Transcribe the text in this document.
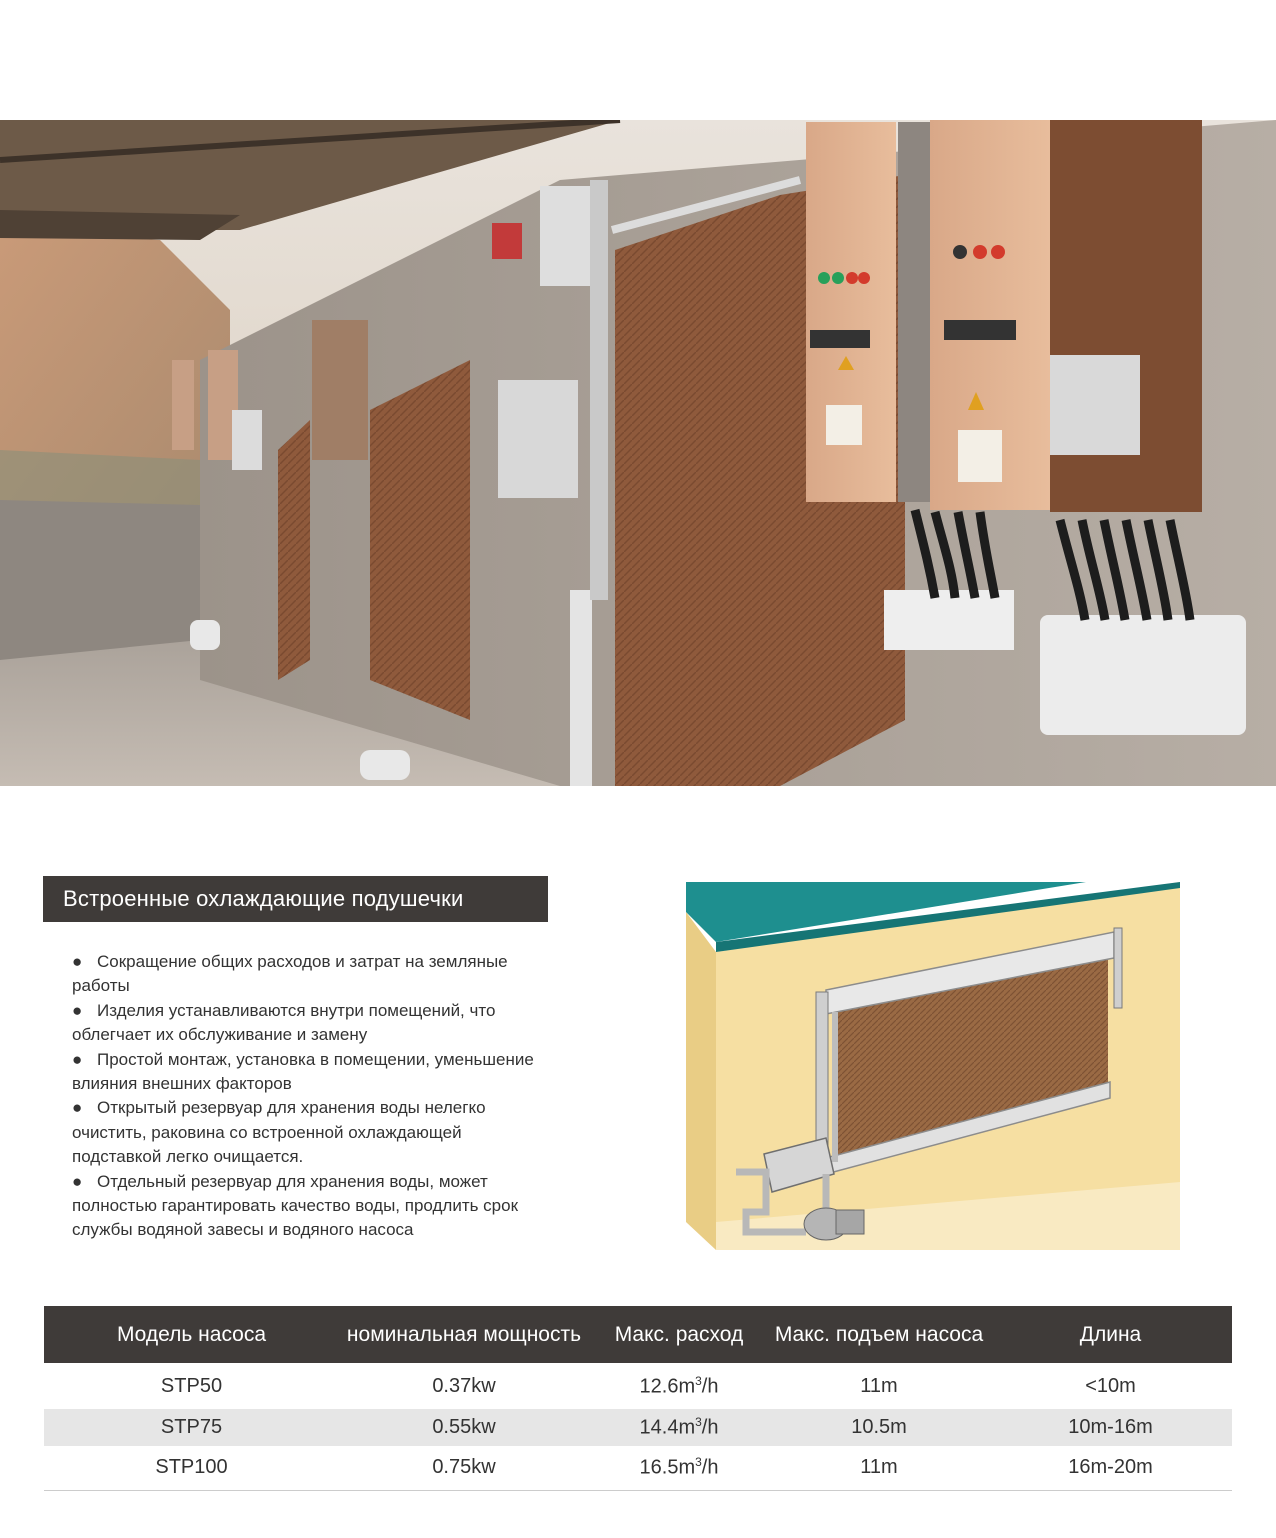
Встроенные охлаждающие подушечки
● Сокращение общих расходов и затрат на земляные работы
● Изделия устанавливаются внутри помещений, что облегчает их обслуживание и замену
● Простой монтаж, установка в помещении, уменьшение влияния внешних факторов
● Открытый резервуар для хранения воды нелегко очистить, раковина со встроенной охлаждающей подставкой легко очищается.
● Отдельный резервуар для хранения воды, может полностью гарантировать качество воды, продлить срок службы водяной завесы и водяного насоса
Модель насоса	номинальная мощность	Макс. расход	Макс. подъем насоса	Длина
STP50	0.37kw	$12.6m^3/h$	11m	<10m
STP75	0.55kw	$14.4m^3/h$	10.5m	10m-16m
STP100	0.75kw	$16.5m^3/h$	11m	16m-20m
